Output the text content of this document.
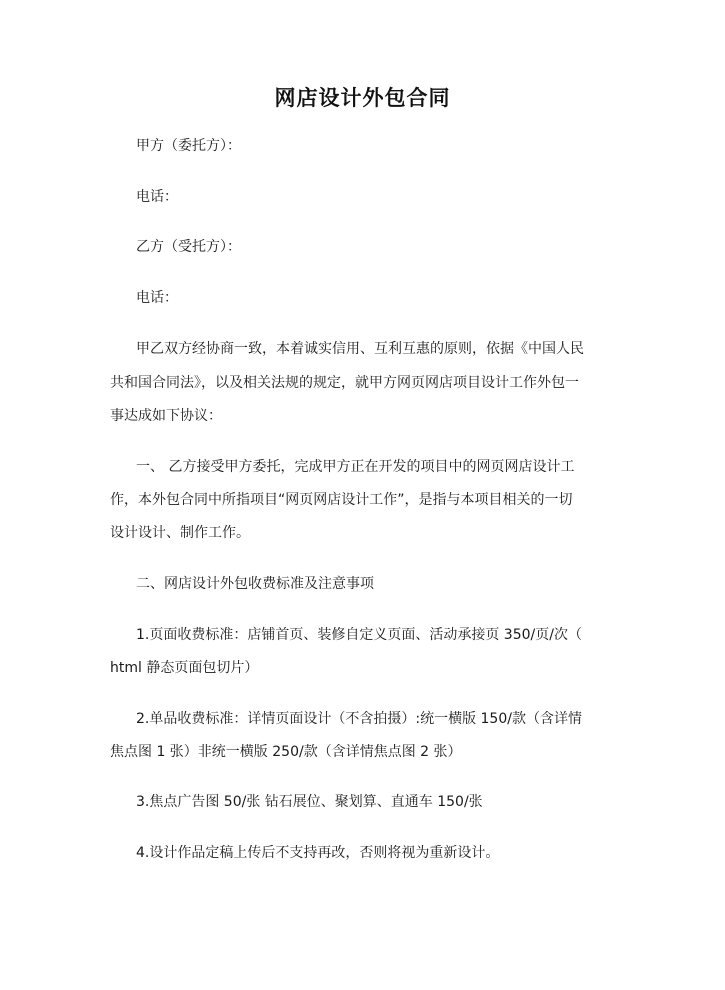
网店设计外包合同
甲方（委托方）：
电话：
乙方（受托方）：
电话：
甲乙双方经协商一致，本着诚实信用、互利互惠的原则，依据《中国人民
共和国合同法》，以及相关法规的规定，就甲方网页网店项目设计工作外包一
事达成如下协议：
一、 乙方接受甲方委托，完成甲方正在开发的项目中的网页网店设计工
作，本外包合同中所指项目“网页网店设计工作”，是指与本项目相关的一切
设计设计、制作工作。
二、网店设计外包收费标准及注意事项
1.页面收费标准：店铺首页、装修自定义页面、活动承接页 350/页/次（
html 静态页面包切片）
2.单品收费标准：详情页面设计（不含拍摄）:统一横版 150/款（含详情
焦点图 1 张）非统一横版 250/款（含详情焦点图 2 张）
3.焦点广告图 50/张 钻石展位、聚划算、直通车 150/张
4.设计作品定稿上传后不支持再改，否则将视为重新设计。
